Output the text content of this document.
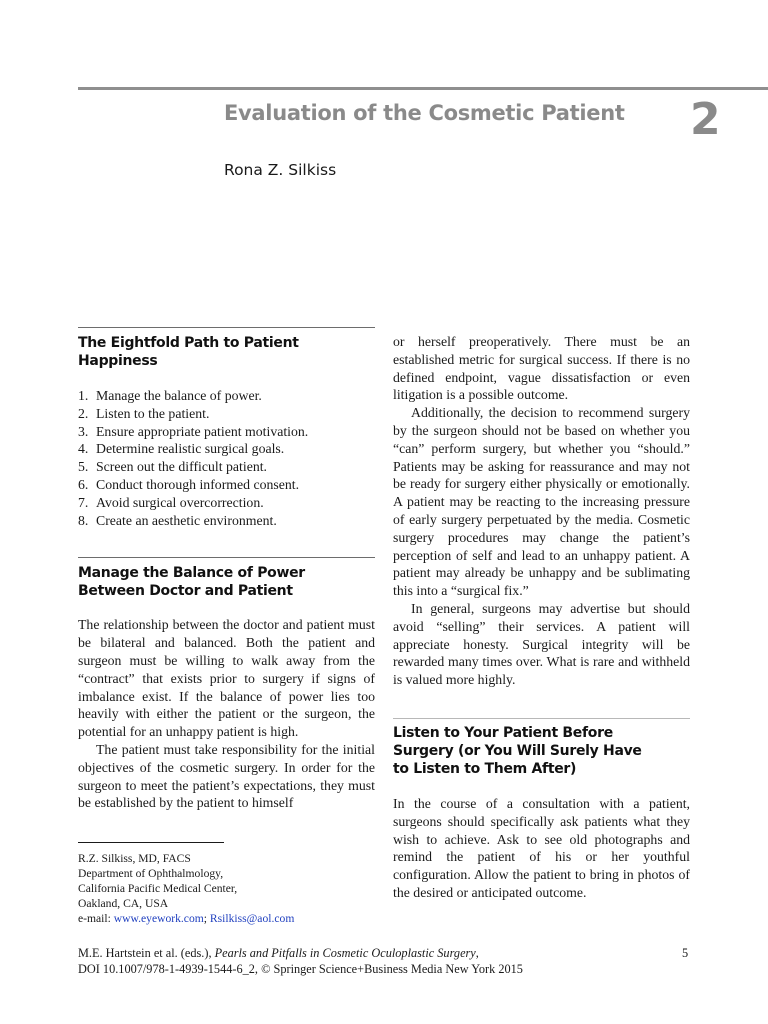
Evaluation of the Cosmetic Patient 2
Rona Z. Silkiss
The Eightfold Path to Patient
Happiness
1. Manage the balance of power.
2. Listen to the patient.
3. Ensure appropriate patient motivation.
4. Determine realistic surgical goals.
5. Screen out the difficult patient.
6. Conduct thorough informed consent.
7. Avoid surgical overcorrection.
8. Create an aesthetic environment.
Manage the Balance of Power
Between Doctor and Patient

The relationship between the doctor and patient must be bilateral and balanced. Both the patient and surgeon must be willing to walk away from the “contract” that exists prior to surgery if signs of imbalance exist. If the balance of power lies too heavily with either the patient or the surgeon, the potential for an unhappy patient is high.

The patient must take responsibility for the initial objectives of the cosmetic surgery. In order for the surgeon to meet the patient’s expectations, they must be established by the patient to himself

or herself preoperatively. There must be an established metric for surgical success. If there is no defined endpoint, vague dissatisfaction or even litigation is a possible outcome.

Additionally, the decision to recommend surgery by the surgeon should not be based on whether you “can” perform surgery, but whether you “should.” Patients may be asking for reassurance and may not be ready for surgery either physically or emotionally. A patient may be reacting to the increasing pressure of early surgery perpetuated by the media. Cosmetic surgery procedures may change the patient’s perception of self and lead to an unhappy patient. A patient may already be unhappy and be sublimating this into a “surgical fix.”

In general, surgeons may advertise but should avoid “selling” their services. A patient will appreciate honesty. Surgical integrity will be rewarded many times over. What is rare and withheld is valued more highly.

Listen to Your Patient Before
Surgery (or You Will Surely Have
to Listen to Them After)

In the course of a consultation with a patient, surgeons should specifically ask patients what they wish to achieve. Ask to see old photographs and remind the patient of his or her youthful configuration. Allow the patient to bring in photos of the desired or anticipated outcome.

R.Z. Silkiss, MD, FACS
Department of Ophthalmology,
California Pacific Medical Center,
Oakland, CA, USA
e-mail: www.eyework.com; Rsilkiss@aol.com
M.E. Hartstein et al. (eds.), Pearls and Pitfalls in Cosmetic Oculoplastic Surgery,
DOI 10.1007/978-1-4939-1544-6_2, © Springer Science+Business Media New York 2015
5
